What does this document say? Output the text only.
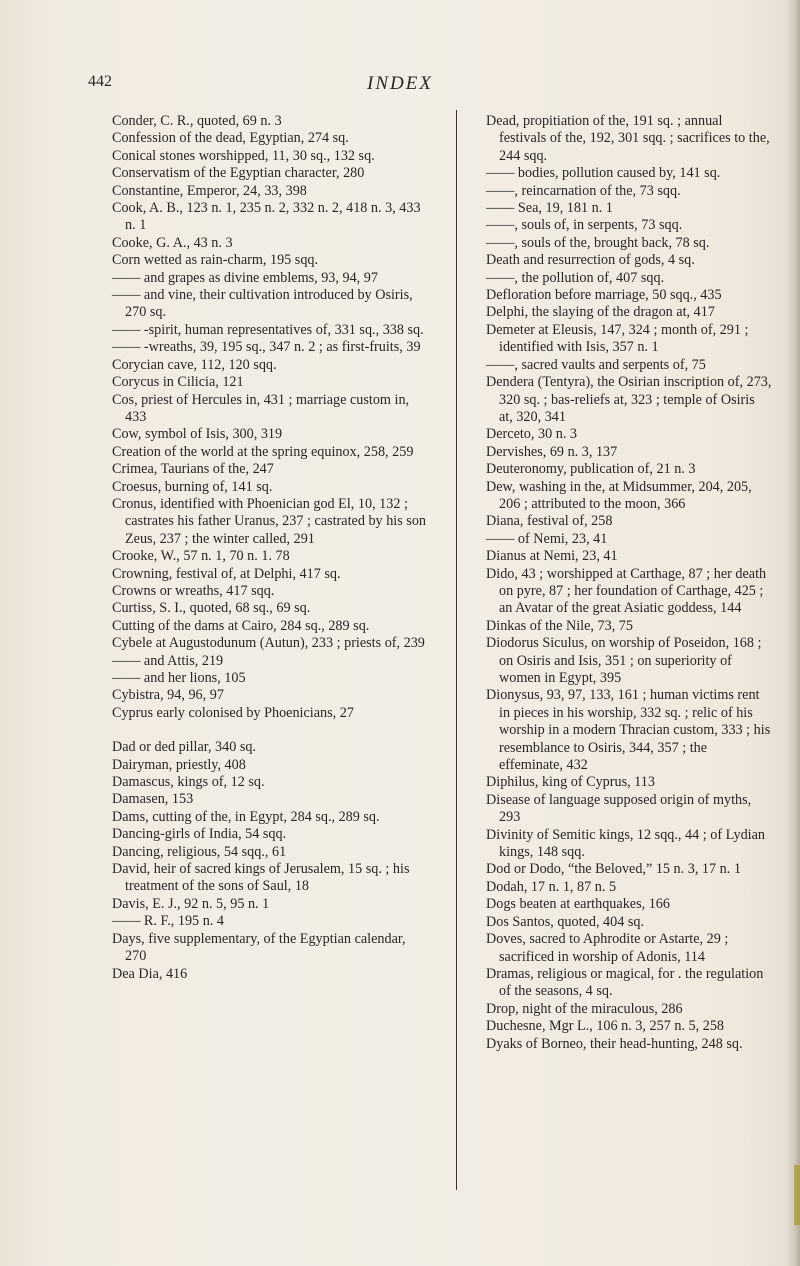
442	INDEX
Conder, C. R., quoted, 69 n. 3
Confession of the dead, Egyptian, 274 sq.
Conical stones worshipped, 11, 30 sq., 132 sq.
Conservatism of the Egyptian character, 280
Constantine, Emperor, 24, 33, 398
Cook, A. B., 123 n. 1, 235 n. 2, 332 n. 2, 418 n. 3, 433 n. 1
Cooke, G. A., 43 n. 3
Corn wetted as rain-charm, 195 sqq.
—— and grapes as divine emblems, 93, 94, 97
—— and vine, their cultivation introduced by Osiris, 270 sq.
—— -spirit, human representatives of, 331 sq., 338 sq.
—— -wreaths, 39, 195 sq., 347 n. 2 ; as first-fruits, 39
Corycian cave, 112, 120 sqq.
Corycus in Cilicia, 121
Cos, priest of Hercules in, 431 ; marriage custom in, 433
Cow, symbol of Isis, 300, 319
Creation of the world at the spring equinox, 258, 259
Crimea, Taurians of the, 247
Croesus, burning of, 141 sq.
Cronus, identified with Phoenician god El, 10, 132 ; castrates his father Uranus, 237 ; castrated by his son Zeus, 237 ; the winter called, 291
Crooke, W., 57 n. 1, 70 n. 1. 78
Crowning, festival of, at Delphi, 417 sq.
Crowns or wreaths, 417 sqq.
Curtiss, S. I., quoted, 68 sq., 69 sq.
Cutting of the dams at Cairo, 284 sq., 289 sq.
Cybele at Augustodunum (Autun), 233 ; priests of, 239
—— and Attis, 219
—— and her lions, 105
Cybistra, 94, 96, 97
Cyprus early colonised by Phoenicians, 27
Dad or ded pillar, 340 sq.
Dairyman, priestly, 408
Damascus, kings of, 12 sq.
Damasen, 153
Dams, cutting of the, in Egypt, 284 sq., 289 sq.
Dancing-girls of India, 54 sqq.
Dancing, religious, 54 sqq., 61
David, heir of sacred kings of Jerusalem, 15 sq. ; his treatment of the sons of Saul, 18
Davis, E. J., 92 n. 5, 95 n. 1
—— R. F., 195 n. 4
Days, five supplementary, of the Egyptian calendar, 270
Dea Dia, 416
Dead, propitiation of the, 191 sq. ; annual festivals of the, 192, 301 sqq. ; sacrifices to the, 244 sqq.
—— bodies, pollution caused by, 141 sq.
——, reincarnation of the, 73 sqq.
—— Sea, 19, 181 n. 1
——, souls of, in serpents, 73 sqq.
——, souls of the, brought back, 78 sq.
Death and resurrection of gods, 4 sq.
——, the pollution of, 407 sqq.
Defloration before marriage, 50 sqq., 435
Delphi, the slaying of the dragon at, 417
Demeter at Eleusis, 147, 324 ; month of, 291 ; identified with Isis, 357 n. 1
——, sacred vaults and serpents of, 75
Dendera (Tentyra), the Osirian inscription of, 273, 320 sq. ; bas-reliefs at, 323 ; temple of Osiris at, 320, 341
Derceto, 30 n. 3
Dervishes, 69 n. 3, 137
Deuteronomy, publication of, 21 n. 3
Dew, washing in the, at Midsummer, 204, 205, 206 ; attributed to the moon, 366
Diana, festival of, 258
—— of Nemi, 23, 41
Dianus at Nemi, 23, 41
Dido, 43 ; worshipped at Carthage, 87 ; her death on pyre, 87 ; her foundation of Carthage, 425 ; an Avatar of the great Asiatic goddess, 144
Dinkas of the Nile, 73, 75
Diodorus Siculus, on worship of Poseidon, 168 ; on Osiris and Isis, 351 ; on superiority of women in Egypt, 395
Dionysus, 93, 97, 133, 161 ; human victims rent in pieces in his worship, 332 sq. ; relic of his worship in a modern Thracian custom, 333 ; his resemblance to Osiris, 344, 357 ; the effeminate, 432
Diphilus, king of Cyprus, 113
Disease of language supposed origin of myths, 293
Divinity of Semitic kings, 12 sqq., 44 ; of Lydian kings, 148 sqq.
Dod or Dodo, “the Beloved,” 15 n. 3, 17 n. 1
Dodah, 17 n. 1, 87 n. 5
Dogs beaten at earthquakes, 166
Dos Santos, quoted, 404 sq.
Doves, sacred to Aphrodite or Astarte, 29 ; sacrificed in worship of Adonis, 114
Dramas, religious or magical, for . the regulation of the seasons, 4 sq.
Drop, night of the miraculous, 286
Duchesne, Mgr L., 106 n. 3, 257 n. 5, 258
Dyaks of Borneo, their head-hunting, 248 sq.
